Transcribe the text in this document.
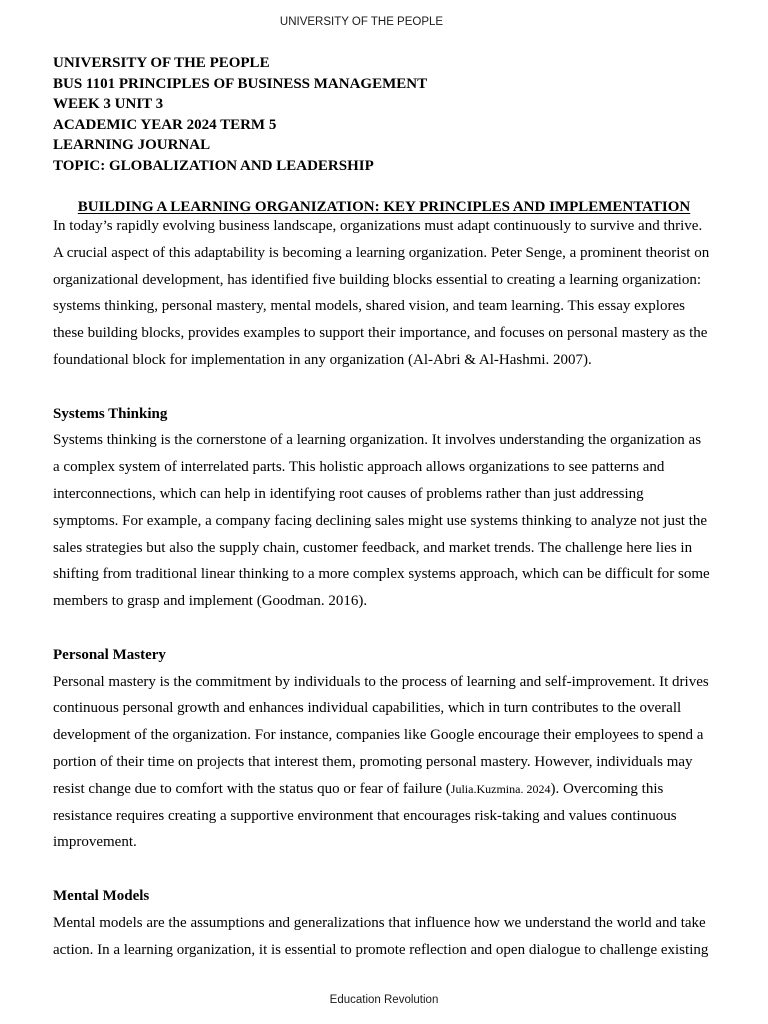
UNIVERSITY OF THE PEOPLE
UNIVERSITY OF THE PEOPLE
BUS 1101 PRINCIPLES OF BUSINESS MANAGEMENT
WEEK 3 UNIT 3
ACADEMIC YEAR 2024 TERM 5
LEARNING JOURNAL
TOPIC: GLOBALIZATION AND LEADERSHIP
BUILDING A LEARNING ORGANIZATION: KEY PRINCIPLES AND IMPLEMENTATION
In today’s rapidly evolving business landscape, organizations must adapt continuously to survive and thrive.
A crucial aspect of this adaptability is becoming a learning organization. Peter Senge, a prominent theorist on
organizational development, has identified five building blocks essential to creating a learning organization:
systems thinking, personal mastery, mental models, shared vision, and team learning. This essay explores
these building blocks, provides examples to support their importance, and focuses on personal mastery as the
foundational block for implementation in any organization (Al-Abri & Al-Hashmi. 2007).
Systems Thinking
Systems thinking is the cornerstone of a learning organization. It involves understanding the organization as
a complex system of interrelated parts. This holistic approach allows organizations to see patterns and
interconnections, which can help in identifying root causes of problems rather than just addressing
symptoms. For example, a company facing declining sales might use systems thinking to analyze not just the
sales strategies but also the supply chain, customer feedback, and market trends. The challenge here lies in
shifting from traditional linear thinking to a more complex systems approach, which can be difficult for some
members to grasp and implement (Goodman. 2016).
Personal Mastery
Personal mastery is the commitment by individuals to the process of learning and self-improvement. It drives
continuous personal growth and enhances individual capabilities, which in turn contributes to the overall
development of the organization. For instance, companies like Google encourage their employees to spend a
portion of their time on projects that interest them, promoting personal mastery. However, individuals may
resist change due to comfort with the status quo or fear of failure (Julia.Kuzmina. 2024). Overcoming this
resistance requires creating a supportive environment that encourages risk-taking and values continuous
improvement.
Mental Models
Mental models are the assumptions and generalizations that influence how we understand the world and take
action. In a learning organization, it is essential to promote reflection and open dialogue to challenge existing
Education Revolution
